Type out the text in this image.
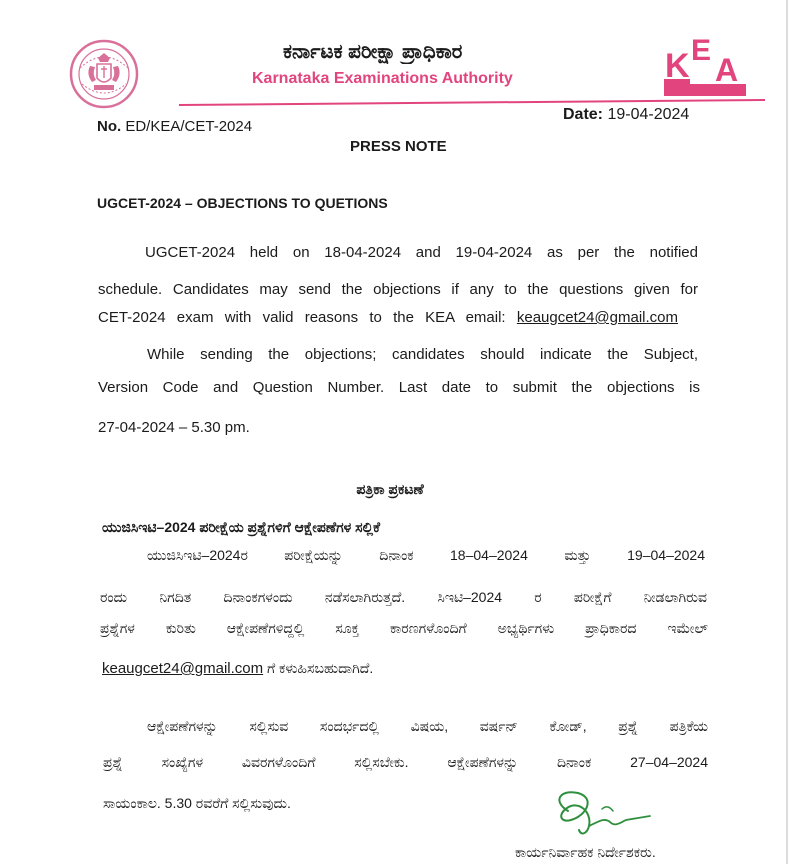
ಕರ್ನಾಟಕ ಪರೀಕ್ಷಾ ಪ್ರಾಧಿಕಾರ
Karnataka Examinations Authority	K E
A
No. ED/KEA/CET-2024
Date: 19-04-2024
PRESS NOTE
UGCET-2024 – OBJECTIONS TO QUETIONS
UGCET-2024 held on 18-04-2024 and 19-04-2024 as per the notified
schedule. Candidates may send the objections if any to the questions given for
CET-2024 exam with valid reasons to the KEA email: keaugcet24@gmail.com
While sending the objections; candidates should indicate the Subject,
Version Code and Question Number. Last date to submit the objections is
27-04-2024 – 5.30 pm.
ಪತ್ರಿಕಾ ಪ್ರಕಟಣೆ
ಯುಜಿಸಿಇಟಿ–2024 ಪರೀಕ್ಷೆಯ ಪ್ರಶ್ನೆಗಳಿಗೆ ಆಕ್ಷೇಪಣೆಗಳ ಸಲ್ಲಿಕೆ
ಯುಜಿಸಿಇಟಿ–2024ರ ಪರೀಕ್ಷೆಯನ್ನು ದಿನಾಂಕ 18–04–2024 ಮತ್ತು 19–04–2024
ರಂದು ನಿಗದಿತ ದಿನಾಂಕಗಳಂದು ನಡೆಸಲಾಗಿರುತ್ತದೆ. ಸಿಇಟಿ–2024 ರ ಪರೀಕ್ಷೆಗೆ ನೀಡಲಾಗಿರುವ
ಪ್ರಶ್ನೆಗಳ ಕುರಿತು ಆಕ್ಷೇಪಣೆಗಳಿದ್ದಲ್ಲಿ ಸೂಕ್ತ ಕಾರಣಗಳೊಂದಿಗೆ ಅಭ್ಯರ್ಥಿಗಳು ಪ್ರಾಧಿಕಾರದ ಇಮೇಲ್
keaugcet24@gmail.com ಗೆ ಕಳುಹಿಸಬಹುದಾಗಿದೆ.
ಆಕ್ಷೇಪಣೆಗಳನ್ನು ಸಲ್ಲಿಸುವ ಸಂದರ್ಭದಲ್ಲಿ ವಿಷಯ, ವರ್ಷನ್ ಕೋಡ್, ಪ್ರಶ್ನೆ ಪತ್ರಿಕೆಯ
ಪ್ರಶ್ನೆ ಸಂಖ್ಯೆಗಳ ವಿವರಗಳೊಂದಿಗೆ ಸಲ್ಲಿಸಬೇಕು. ಆಕ್ಷೇಪಣೆಗಳನ್ನು ದಿನಾಂಕ 27–04–2024
ಸಾಯಂಕಾಲ. 5.30 ರವರೆಗೆ ಸಲ್ಲಿಸುವುದು.
ಕಾರ್ಯನಿರ್ವಾಹಕ ನಿರ್ದೇಶಕರು.
